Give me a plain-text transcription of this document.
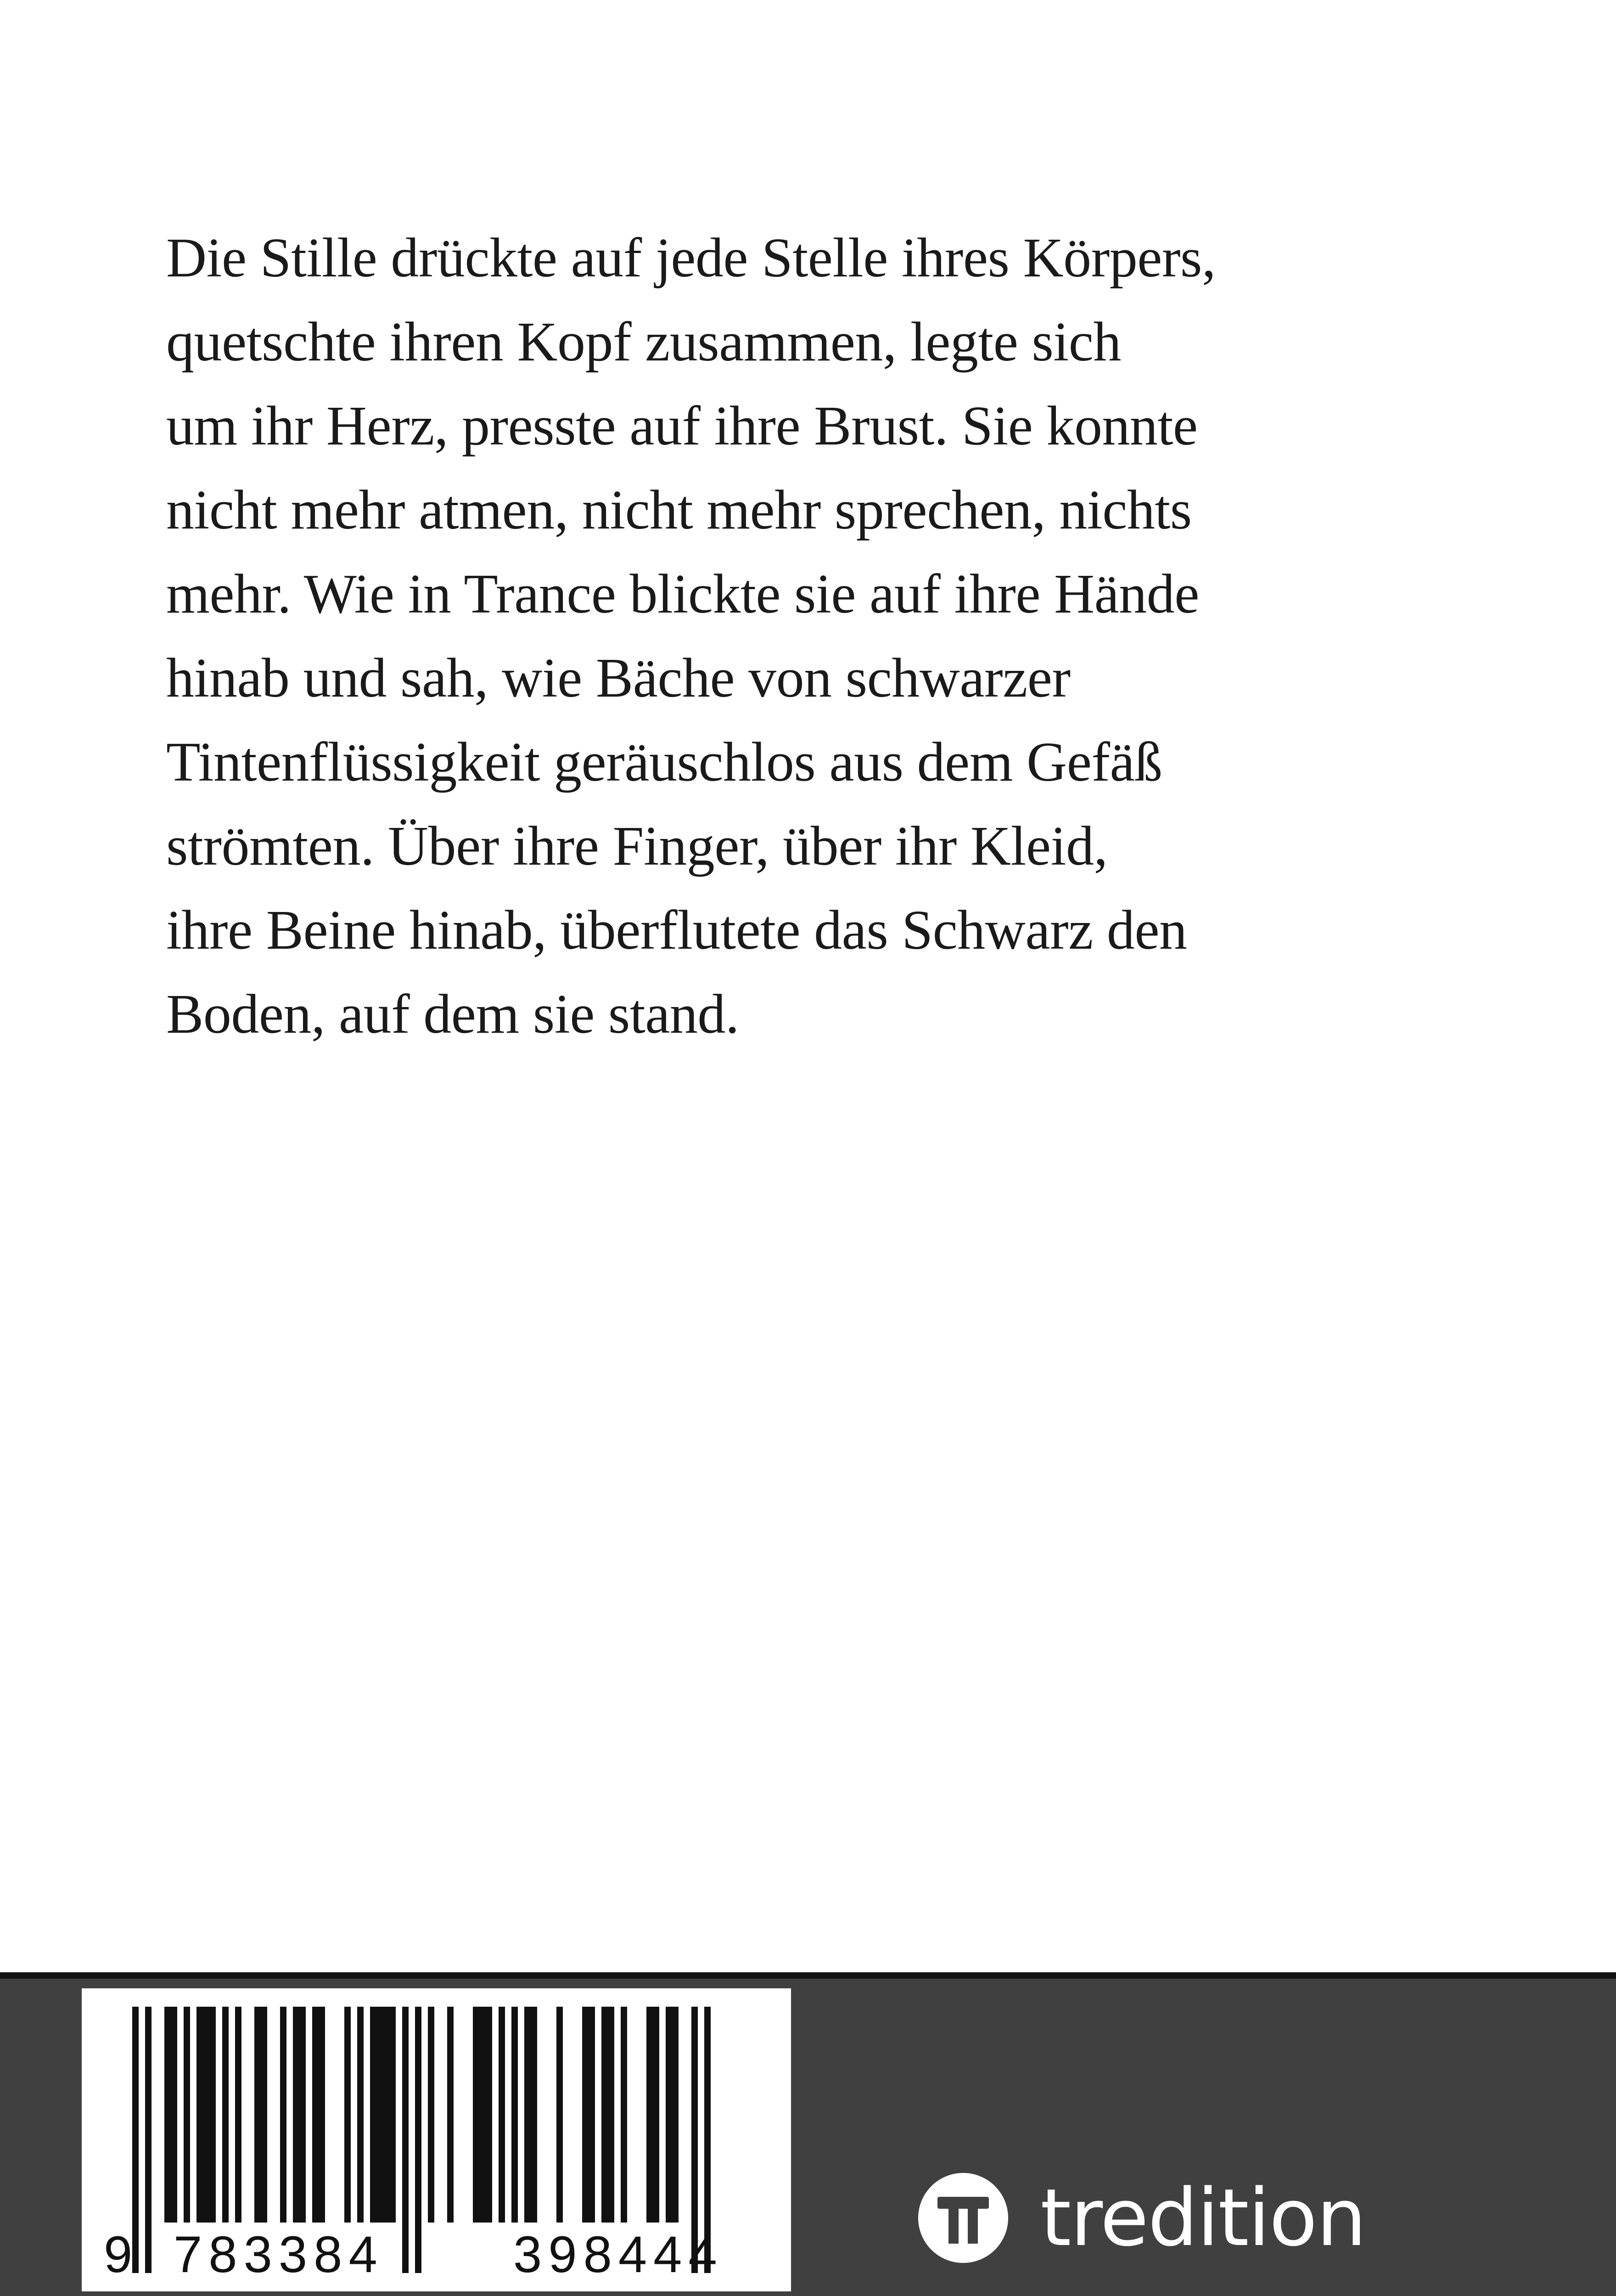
Die Stille drückte auf jede Stelle ihres Körpers,
quetschte ihren Kopf zusammen, legte sich
um ihr Herz, presste auf ihre Brust. Sie konnte
nicht mehr atmen, nicht mehr sprechen, nichts
mehr. Wie in Trance blickte sie auf ihre Hände
hinab und sah, wie Bäche von schwarzer
Tintenflüssigkeit geräuschlos aus dem Gefäß
strömten. Über ihre Finger, über ihr Kleid,
ihre Beine hinab, überflutete das Schwarz den
Boden, auf dem sie stand.
9 783384	398444	tredition
